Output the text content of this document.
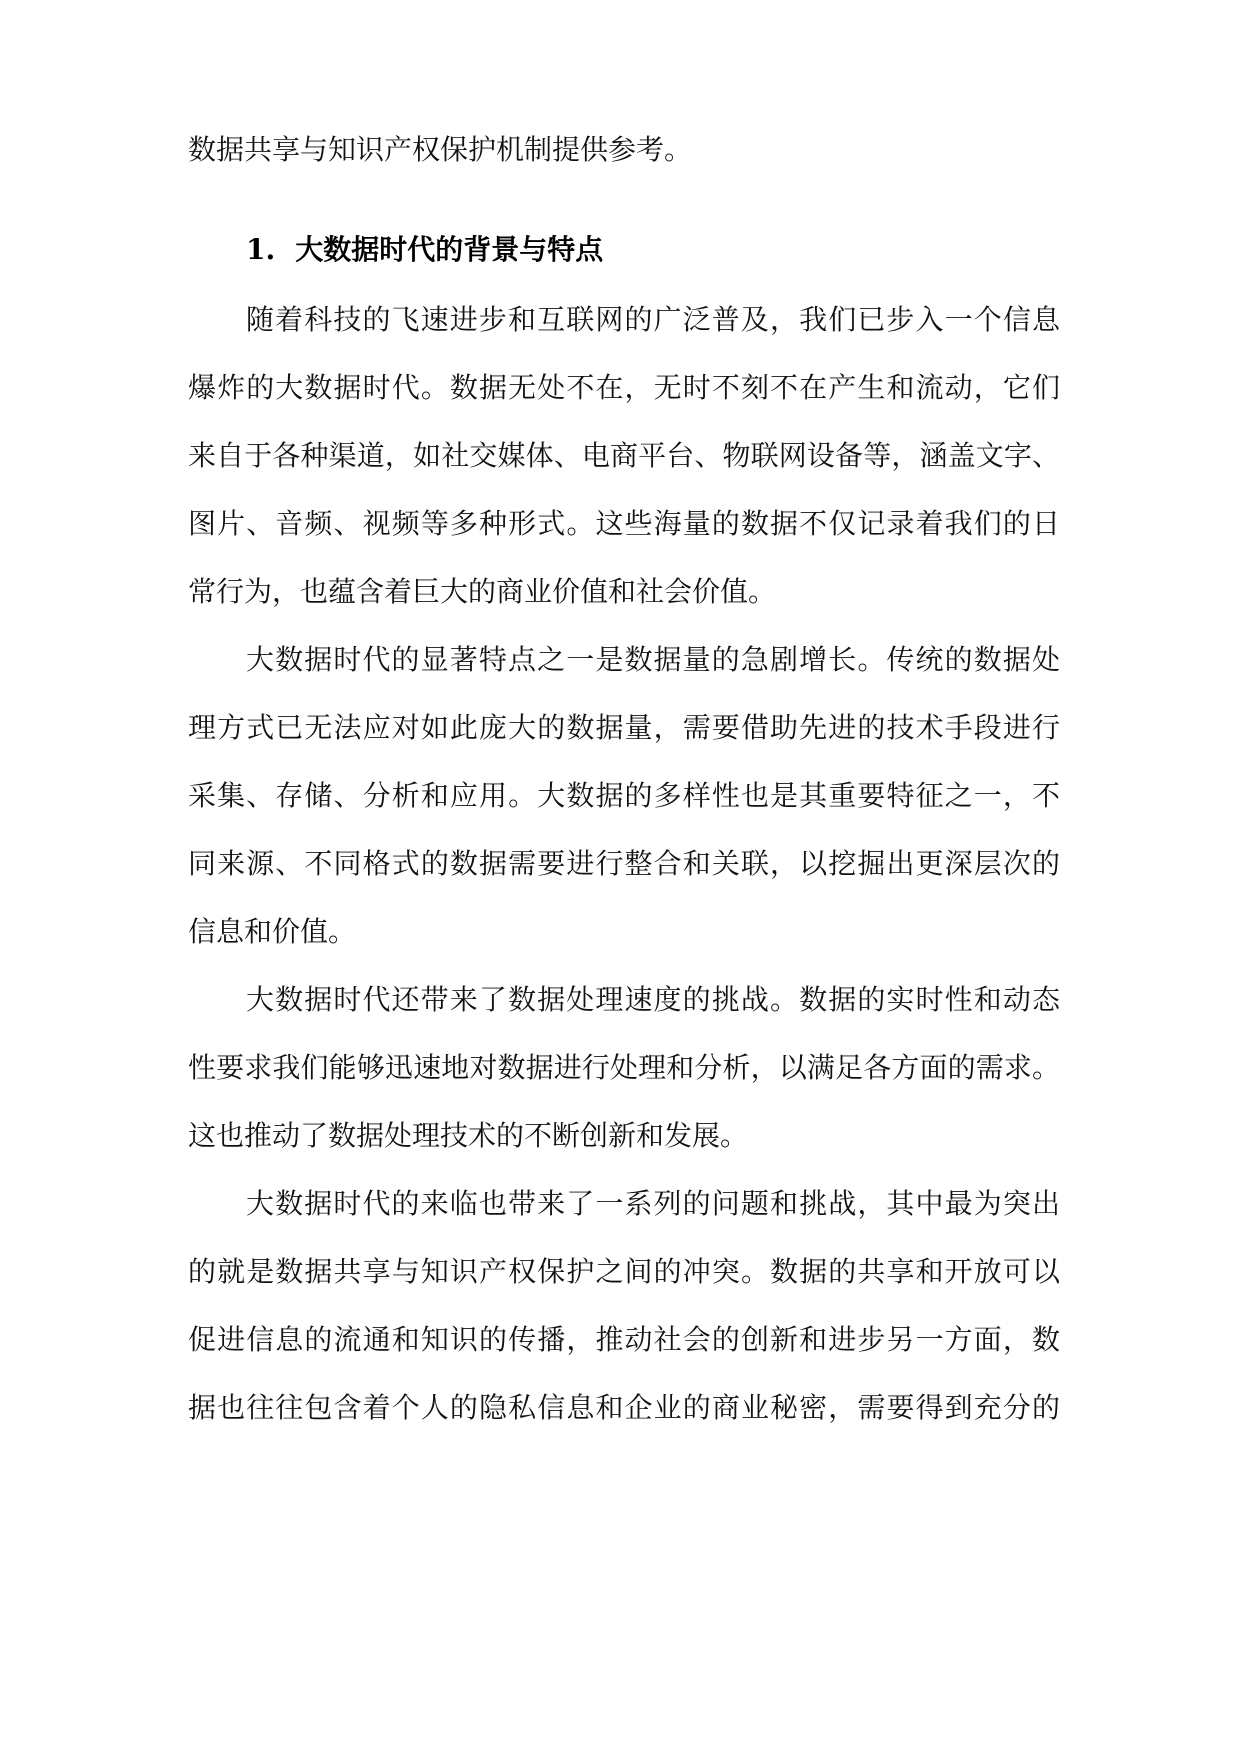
数据共享与知识产权保护机制提供参考。
1. 大数据时代的背景与特点
随着科技的飞速进步和互联网的广泛普及，我们已步入一个信息
爆炸的大数据时代。数据无处不在，无时不刻不在产生和流动，它们
来自于各种渠道，如社交媒体、电商平台、物联网设备等，涵盖文字、
图片、音频、视频等多种形式。这些海量的数据不仅记录着我们的日
常行为，也蕴含着巨大的商业价值和社会价值。
大数据时代的显著特点之一是数据量的急剧增长。传统的数据处
理方式已无法应对如此庞大的数据量，需要借助先进的技术手段进行
采集、存储、分析和应用。大数据的多样性也是其重要特征之一，不
同来源、不同格式的数据需要进行整合和关联，以挖掘出更深层次的
信息和价值。
大数据时代还带来了数据处理速度的挑战。数据的实时性和动态
性要求我们能够迅速地对数据进行处理和分析，以满足各方面的需求。
这也推动了数据处理技术的不断创新和发展。
大数据时代的来临也带来了一系列的问题和挑战，其中最为突出
的就是数据共享与知识产权保护之间的冲突。数据的共享和开放可以
促进信息的流通和知识的传播，推动社会的创新和进步另一方面，数
据也往往包含着个人的隐私信息和企业的商业秘密，需要得到充分的
